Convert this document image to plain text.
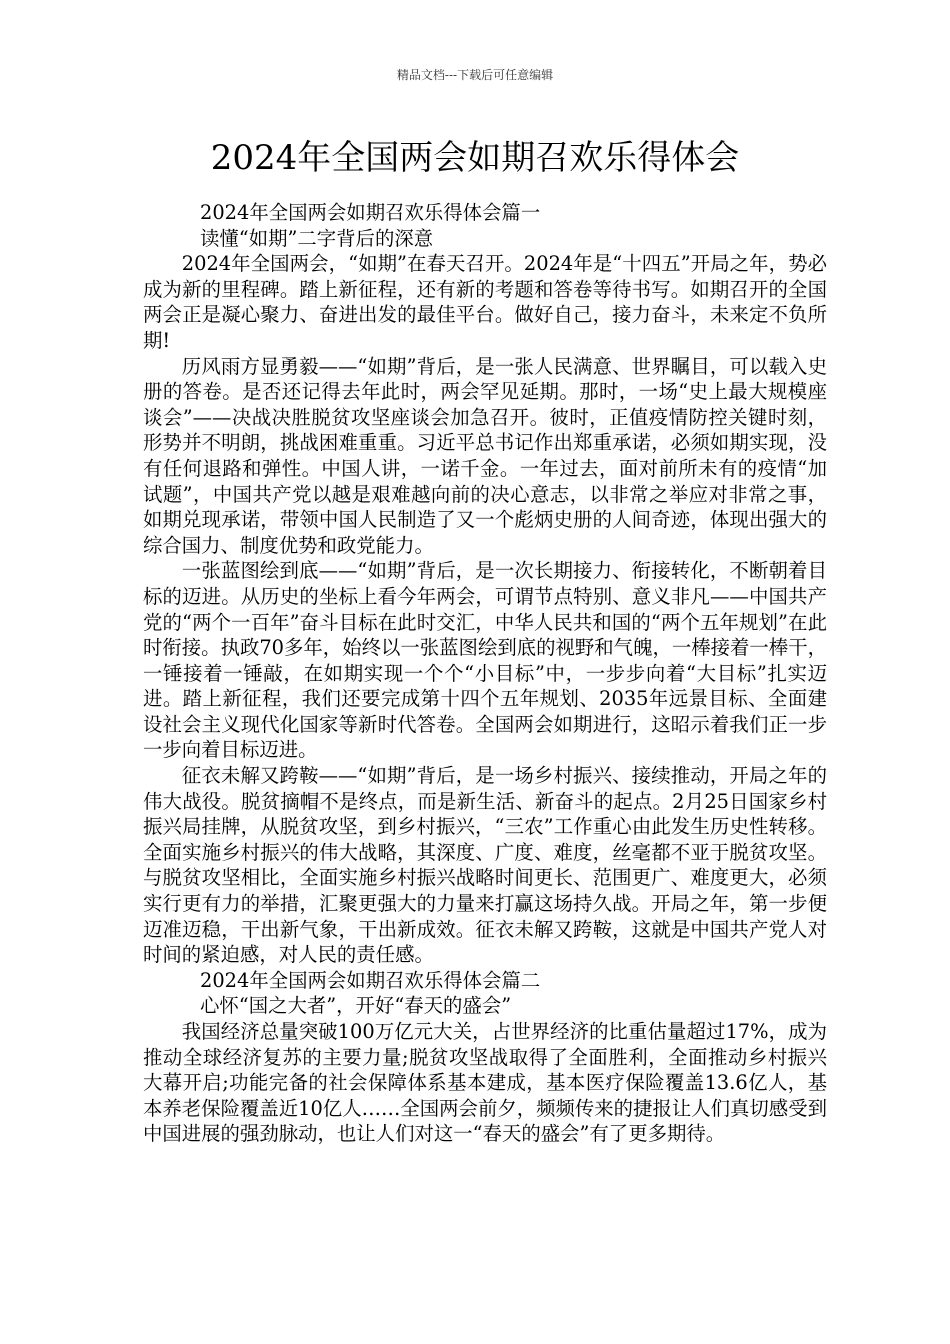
精品文档---下载后可任意编辑
2024年全国两会如期召欢乐得体会

2024年全国两会如期召欢乐得体会篇一

读懂“如期”二字背后的深意

2024年全国两会，“如期”在春天召开。2024年是“十四五”开局之年，势必成为新的里程碑。踏上新征程，还有新的考题和答卷等待书写。如期召开的全国两会正是凝心聚力、奋进出发的最佳平台。做好自己，接力奋斗，未来定不负所期!

历风雨方显勇毅——“如期”背后，是一张人民满意、世界瞩目，可以载入史册的答卷。是否还记得去年此时，两会罕见延期。那时，一场“史上最大规模座谈会”——决战决胜脱贫攻坚座谈会加急召开。彼时，正值疫情防控关键时刻，形势并不明朗，挑战困难重重。习近平总书记作出郑重承诺，必须如期实现，没有任何退路和弹性。中国人讲，一诺千金。一年过去，面对前所未有的疫情“加试题”，中国共产党以越是艰难越向前的决心意志，以非常之举应对非常之事，如期兑现承诺，带领中国人民制造了又一个彪炳史册的人间奇迹，体现出强大的综合国力、制度优势和政党能力。

一张蓝图绘到底——“如期”背后，是一次长期接力、衔接转化，不断朝着目标的迈进。从历史的坐标上看今年两会，可谓节点特别、意义非凡——中国共产党的“两个一百年”奋斗目标在此时交汇，中华人民共和国的“两个五年规划”在此时衔接。执政70多年，始终以一张蓝图绘到底的视野和气魄，一棒接着一棒干，一锤接着一锤敲，在如期实现一个个“小目标”中，一步步向着“大目标”扎实迈进。踏上新征程，我们还要完成第十四个五年规划、2035年远景目标、全面建设社会主义现代化国家等新时代答卷。全国两会如期进行，这昭示着我们正一步一步向着目标迈进。

征衣未解又跨鞍——“如期”背后，是一场乡村振兴、接续推动，开局之年的伟大战役。脱贫摘帽不是终点，而是新生活、新奋斗的起点。2月25日国家乡村振兴局挂牌，从脱贫攻坚，到乡村振兴，“三农”工作重心由此发生历史性转移。全面实施乡村振兴的伟大战略，其深度、广度、难度，丝毫都不亚于脱贫攻坚。与脱贫攻坚相比，全面实施乡村振兴战略时间更长、范围更广、难度更大，必须实行更有力的举措，汇聚更强大的力量来打赢这场持久战。开局之年，第一步便迈准迈稳，干出新气象，干出新成效。征衣未解又跨鞍，这就是中国共产党人对时间的紧迫感，对人民的责任感。

2024年全国两会如期召欢乐得体会篇二

心怀“国之大者”，开好“春天的盛会”

我国经济总量突破100万亿元大关，占世界经济的比重估量超过17%，成为推动全球经济复苏的主要力量;脱贫攻坚战取得了全面胜利，全面推动乡村振兴大幕开启;功能完备的社会保障体系基本建成，基本医疗保险覆盖13.6亿人，基本养老保险覆盖近10亿人……全国两会前夕，频频传来的捷报让人们真切感受到中国进展的强劲脉动，也让人们对这一“春天的盛会”有了更多期待。
